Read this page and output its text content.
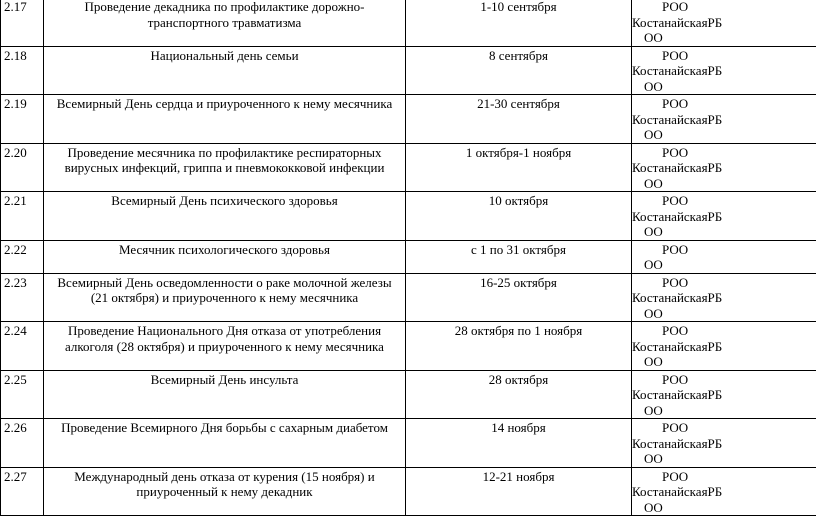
2.17	Проведение декадника по профилактике дорожно-
транспортного травматизма	1-10 сентября	РОО
КостанайскаяРБ
ОО

2.18	Национальный день семьи	8 сентября	РОО
КостанайскаяРБ
ОО

2.19	Всемирный День сердца и приуроченного к нему месячника	21-30 сентября	РОО
КостанайскаяРБ
ОО

2.20	Проведение месячника по профилактике респираторных
вирусных инфекций, гриппа и пневмококковой инфекции	1 октября-1 ноября	РОО
КостанайскаяРБ
ОО

2.21	Всемирный День психического здоровья	10 октября	РОО
КостанайскаяРБ
ОО

2.22	Месячник психологического здоровья	с 1 по 31 октября	РОО
ОО

2.23	Всемирный День осведомленности о раке молочной железы
(21 октября) и приуроченного к нему месячника	16-25 октября	РОО
КостанайскаяРБ
ОО

2.24	Проведение Национального Дня отказа от употребления
алкоголя (28 октября) и приуроченного к нему месячника	28 октября по 1 ноября	РОО
КостанайскаяРБ
ОО

2.25	Всемирный День инсульта	28 октября	РОО
КостанайскаяРБ
ОО

2.26	Проведение Всемирного Дня борьбы с сахарным диабетом	14 ноября	РОО
КостанайскаяРБ
ОО

2.27	Международный день отказа от курения (15 ноября) и
приуроченный к нему декадник	12-21 ноября	РОО
КостанайскаяРБ
ОО
